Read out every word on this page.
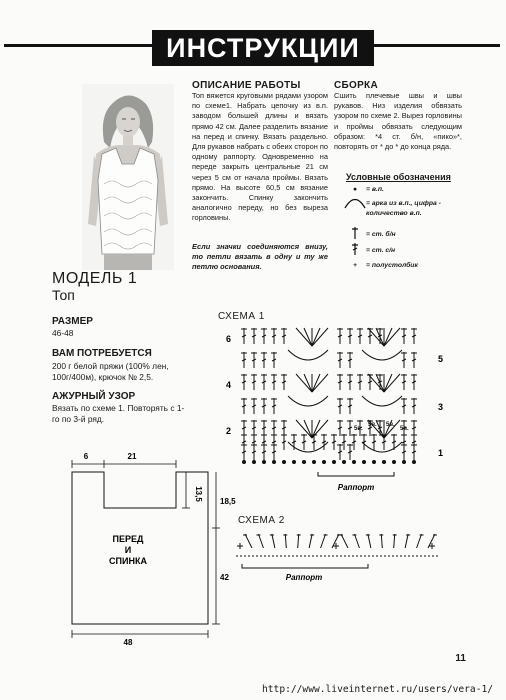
ИНСТРУКЦИИ
ОПИСАНИЕ РАБОТЫ
Топ вяжется круговыми рядами узором по схеме1. Набрать цепочку из в.п. заводом большей длины и вязать прямо 42 см. Далее разделить вязание на перед и спинку. Вязать раздельно. Для рукавов набрать с обеих сторон по одному раппорту. Одновременно на переде закрыть центральные 21 см через 5 см от начала проймы. Вязать прямо. На высоте 60,5 см вязание закончить. Спинку закончить аналогично переду, но без выреза горловины.
Если значки соединяются внизу, то петли вязать в одну и ту же петлю основания.
СБОРКА
Сшить плечевые швы и швы рукавов. Низ изделия обвязать узором по схеме 2. Вырез горловины и проймы обвязать следующим образом: *4 ст. б/н, «пико»*, повторять от * до * до конца ряда.
Условные обозначения
●	= в.п.
= арка из в.п., цифра - количество в.п.
= ст. б/н
= ст. с/н
+	= полустолбик
МОДЕЛЬ 1
Топ
РАЗМЕР
46-48
ВАМ ПОТРЕБУЕТСЯ
200 г белой пряжи (100% лен, 100г/400м), крючок № 2,5.
АЖУРНЫЙ УЗОР
Вязать по схеме 1. Повторять с 1-го по 3-й ряд.
6	21
13,5 18,5
42
48
ПЕРЕД
И
СПИНКА
СХЕМА 1
5в.
5в. 5в.
5в.
6
4
2
5
3
1
Раппорт
СХЕМА 2
Раппорт
11
http://www.liveinternet.ru/users/vera-1/
